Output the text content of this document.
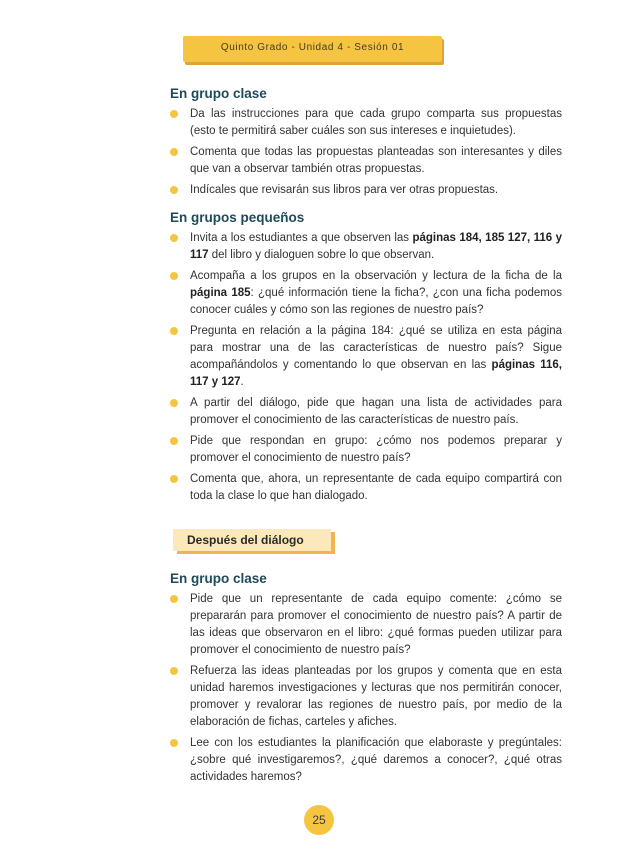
Quinto Grado - Unidad 4 - Sesión 01
En grupo clase
Da las instrucciones para que cada grupo comparta sus propuestas (esto te permitirá saber cuáles son sus intereses e inquietudes).
Comenta que todas las propuestas planteadas son interesantes y diles que van a observar también otras propuestas.
Indícales que revisarán sus libros para ver otras propuestas.
En grupos pequeños
Invita a los estudiantes a que observen las páginas 184, 185 127, 116 y 117 del libro y dialoguen sobre lo que observan.
Acompaña a los grupos en la observación y lectura de la ficha de la página 185: ¿qué información tiene la ficha?, ¿con una ficha podemos conocer cuáles y cómo son las regiones de nuestro país?
Pregunta en relación a la página 184: ¿qué se utiliza en esta página para mostrar una de las características de nuestro país? Sigue acompañándolos y comentando lo que observan en las páginas 116, 117 y 127.
A partir del diálogo, pide que hagan una lista de actividades para promover el conocimiento de las características de nuestro país.
Pide que respondan en grupo: ¿cómo nos podemos preparar y promover el conocimiento de nuestro país?
Comenta que, ahora, un representante de cada equipo compartirá con toda la clase lo que han dialogado.
Después del diálogo
En grupo clase
Pide que un representante de cada equipo comente: ¿cómo se prepararán para promover el conocimiento de nuestro país? A partir de las ideas que observaron en el libro: ¿qué formas pueden utilizar para promover el conocimiento de nuestro país?
Refuerza las ideas planteadas por los grupos y comenta que en esta unidad haremos investigaciones y lecturas que nos permitirán conocer, promover y revalorar las regiones de nuestro país, por medio de la elaboración de fichas, carteles y afiches.
Lee con los estudiantes la planificación que elaboraste y pregúntales: ¿sobre qué investigaremos?, ¿qué daremos a conocer?, ¿qué otras actividades haremos?
25
